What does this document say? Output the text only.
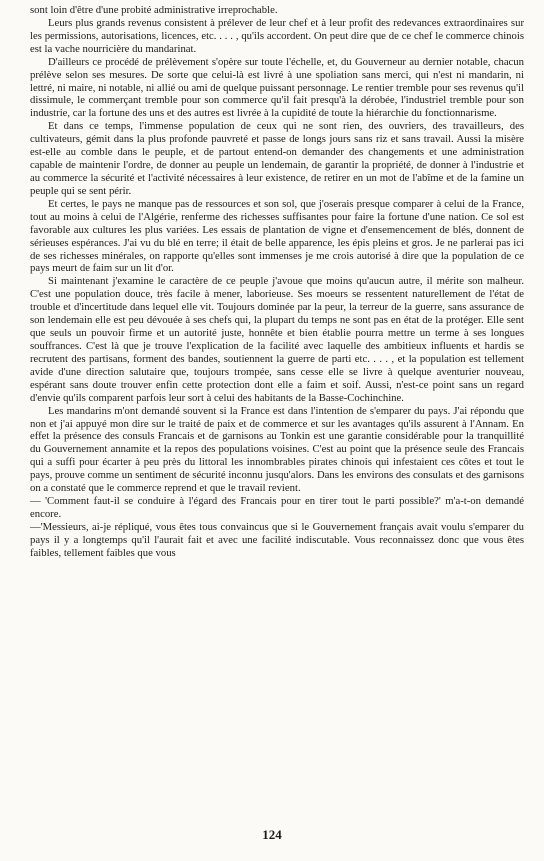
sont loin d'être d'une probité administrative irreprochable.

Leurs plus grands revenus consistent à prélever de leur chef et à leur profit des redevances extraordinaires sur les permissions, autorisations, licences, etc. . . . , qu'ils accordent. On peut dire que de ce chef le commerce chinois est la vache nourricière du mandarinat.

D'ailleurs ce procédé de prélèvement s'opère sur toute l'échelle, et, du Gouverneur au dernier notable, chacun prélève selon ses mesures. De sorte que celui-là est livré à une spoliation sans merci, qui n'est ni mandarin, ni lettré, ni maire, ni notable, ni allié ou ami de quelque puissant personnage. Le rentier tremble pour ses revenus qu'il dissimule, le commerçant tremble pour son commerce qu'il fait presqu'à la dérobée, l'industriel tremble pour son industrie, car la fortune des uns et des autres est livrée à la cupidité de toute la hiérarchie du fonctionnarisme.

Et dans ce temps, l'immense population de ceux qui ne sont rien, des ouvriers, des travailleurs, des cultivateurs, gémit dans la plus profonde pauvreté et passe de longs jours sans riz et sans travail. Aussi la misère est-elle au comble dans le peuple, et de partout entend-on demander des changements et une administration capable de maintenir l'ordre, de donner au peuple un lendemain, de garantir la propriété, de donner à l'industrie et au commerce la sécurité et l'activité nécessaires à leur existence, de retirer en un mot de l'abîme et de la famine un peuple qui se sent périr.

Et certes, le pays ne manque pas de ressources et son sol, que j'oserais presque comparer à celui de la France, tout au moins à celui de l'Algérie, renferme des richesses suffisantes pour faire la fortune d'une nation. Ce sol est favorable aux cultures les plus variées. Les essais de plantation de vigne et d'ensemencement de blés, donnent de sérieuses espérances. J'ai vu du blé en terre; il était de belle apparence, les épis pleins et gros. Je ne parlerai pas ici de ses richesses minérales, on rapporte qu'elles sont immenses je me crois autorisé à dire que la population de ce pays meurt de faim sur un lit d'or.

Si maintenant j'examine le caractère de ce peuple j'avoue que moins qu'aucun autre, il mérite son malheur. C'est une population douce, très facile à mener, laborieuse. Ses moeurs se ressentent naturellement de l'état de trouble et d'incertitude dans lequel elle vit. Toujours dominée par la peur, la terreur de la guerre, sans assurance de son lendemain elle est peu dévouée à ses chefs qui, la plupart du temps ne sont pas en état de la protéger. Elle sent que seuls un pouvoir firme et un autorité juste, honnête et bien établie pourra mettre un terme à ses longues souffrances. C'est là que je trouve l'explication de la facilité avec laquelle des ambitieux influents et hardis se recrutent des partisans, forment des bandes, soutiennent la guerre de parti etc. . . . , et la population est tellement avide d'une direction salutaire que, toujours trompée, sans cesse elle se livre à quelque aventurier nouveau, espérant sans doute trouver enfin cette protection dont elle a faim et soif. Aussi, n'est-ce point sans un regard d'envie qu'ils comparent parfois leur sort à celui des habitants de la Basse-Cochinchine.

Les mandarins m'ont demandé souvent si la France est dans l'intention de s'emparer du pays. J'ai répondu que non et j'ai appuyé mon dire sur le traité de paix et de commerce et sur les avantages qu'ils assurent à l'Annam. En effet la présence des consuls Francais et de garnisons au Tonkin est une garantie considérable pour la tranquillité du Gouvernement annamite et la repos des populations voisines. C'est au point que la présence seule des Francais qui a suffi pour écarter à peu près du littoral les innombrables pirates chinois qui infestaient ces côtes et tout le pays, prouve comme un sentiment de sécurité inconnu jusqu'alors. Dans les environs des consulats et des garnisons on a constaté que le commerce reprend et que le travail revient.

— 'Comment faut-il se conduire à l'égard des Francais pour en tirer tout le parti possible?' m'a-t-on demandé encore.

—'Messieurs, ai-je répliqué, vous êtes tous convaincus que si le Gouvernement français avait voulu s'emparer du pays il y a longtemps qu'il l'aurait fait et avec une facilité indiscutable. Vous reconnaissez donc que vous êtes faibles, tellement faibles que vous

124
